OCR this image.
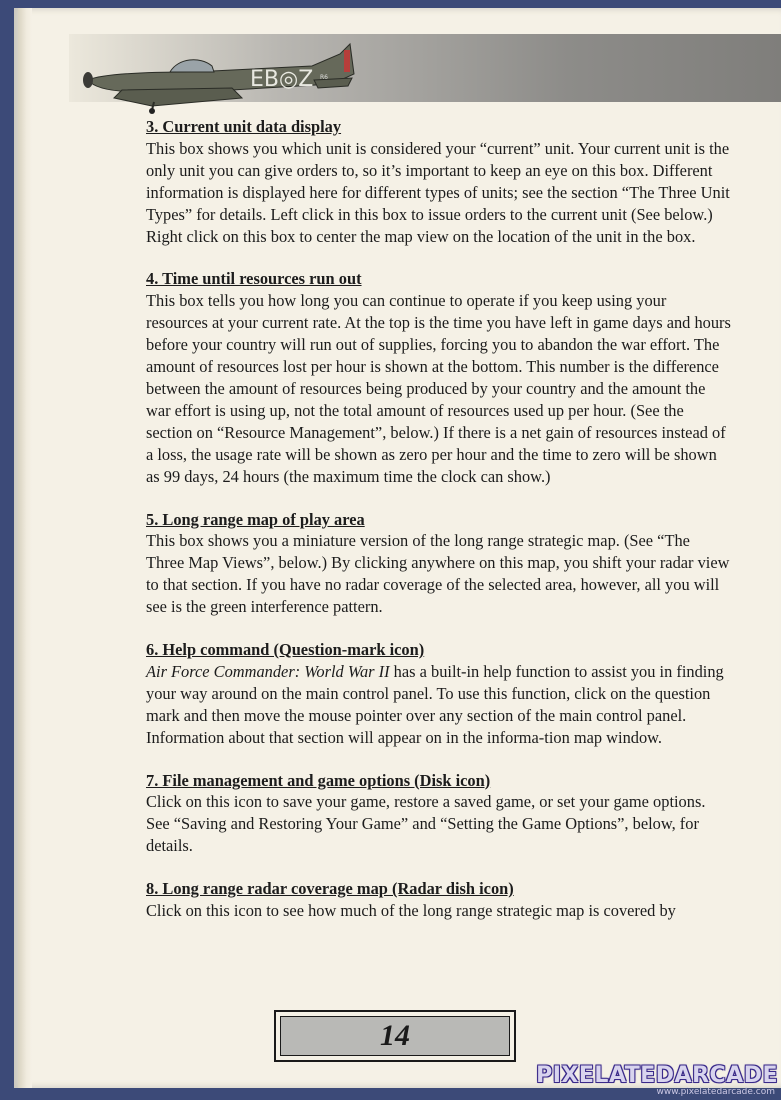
EB◎Z R6
3. Current unit data display

This box shows you which unit is considered your “current” unit. Your current unit is the only unit you can give orders to, so it’s important to keep an eye on this box. Different information is displayed here for different types of units; see the section “The Three Unit Types” for details. Left click in this box to issue orders to the current unit (See below.) Right click on this box to center the map view on the location of the unit in the box.

4. Time until resources run out

This box tells you how long you can continue to operate if you keep using your resources at your current rate. At the top is the time you have left in game days and hours before your country will run out of supplies, forcing you to abandon the war effort. The amount of resources lost per hour is shown at the bottom. This number is the difference between the amount of resources being produced by your country and the amount the war effort is using up, not the total amount of resources used up per hour. (See the section on “Resource Management”, below.) If there is a net gain of resources instead of a loss, the usage rate will be shown as zero per hour and the time to zero will be shown as 99 days, 24 hours (the maximum time the clock can show.)

5. Long range map of play area

This box shows you a miniature version of the long range strategic map. (See “The Three Map Views”, below.) By clicking anywhere on this map, you shift your radar view to that section. If you have no radar coverage of the selected area, however, all you will see is the green interference pattern.

6. Help command (Question-mark icon)

Air Force Commander: World War II has a built-in help function to assist you in finding your way around on the main control panel. To use this function, click on the question mark and then move the mouse pointer over any section of the main control panel. Information about that section will appear on in the informa-tion map window.

7. File management and game options (Disk icon)

Click on this icon to save your game, restore a saved game, or set your game options. See “Saving and Restoring Your Game” and “Setting the Game Options”, below, for details.

8. Long range radar coverage map (Radar dish icon)

Click on this icon to see how much of the long range strategic map is covered by

14
PIXELATEDARCADE
www.pixelatedarcade.com
